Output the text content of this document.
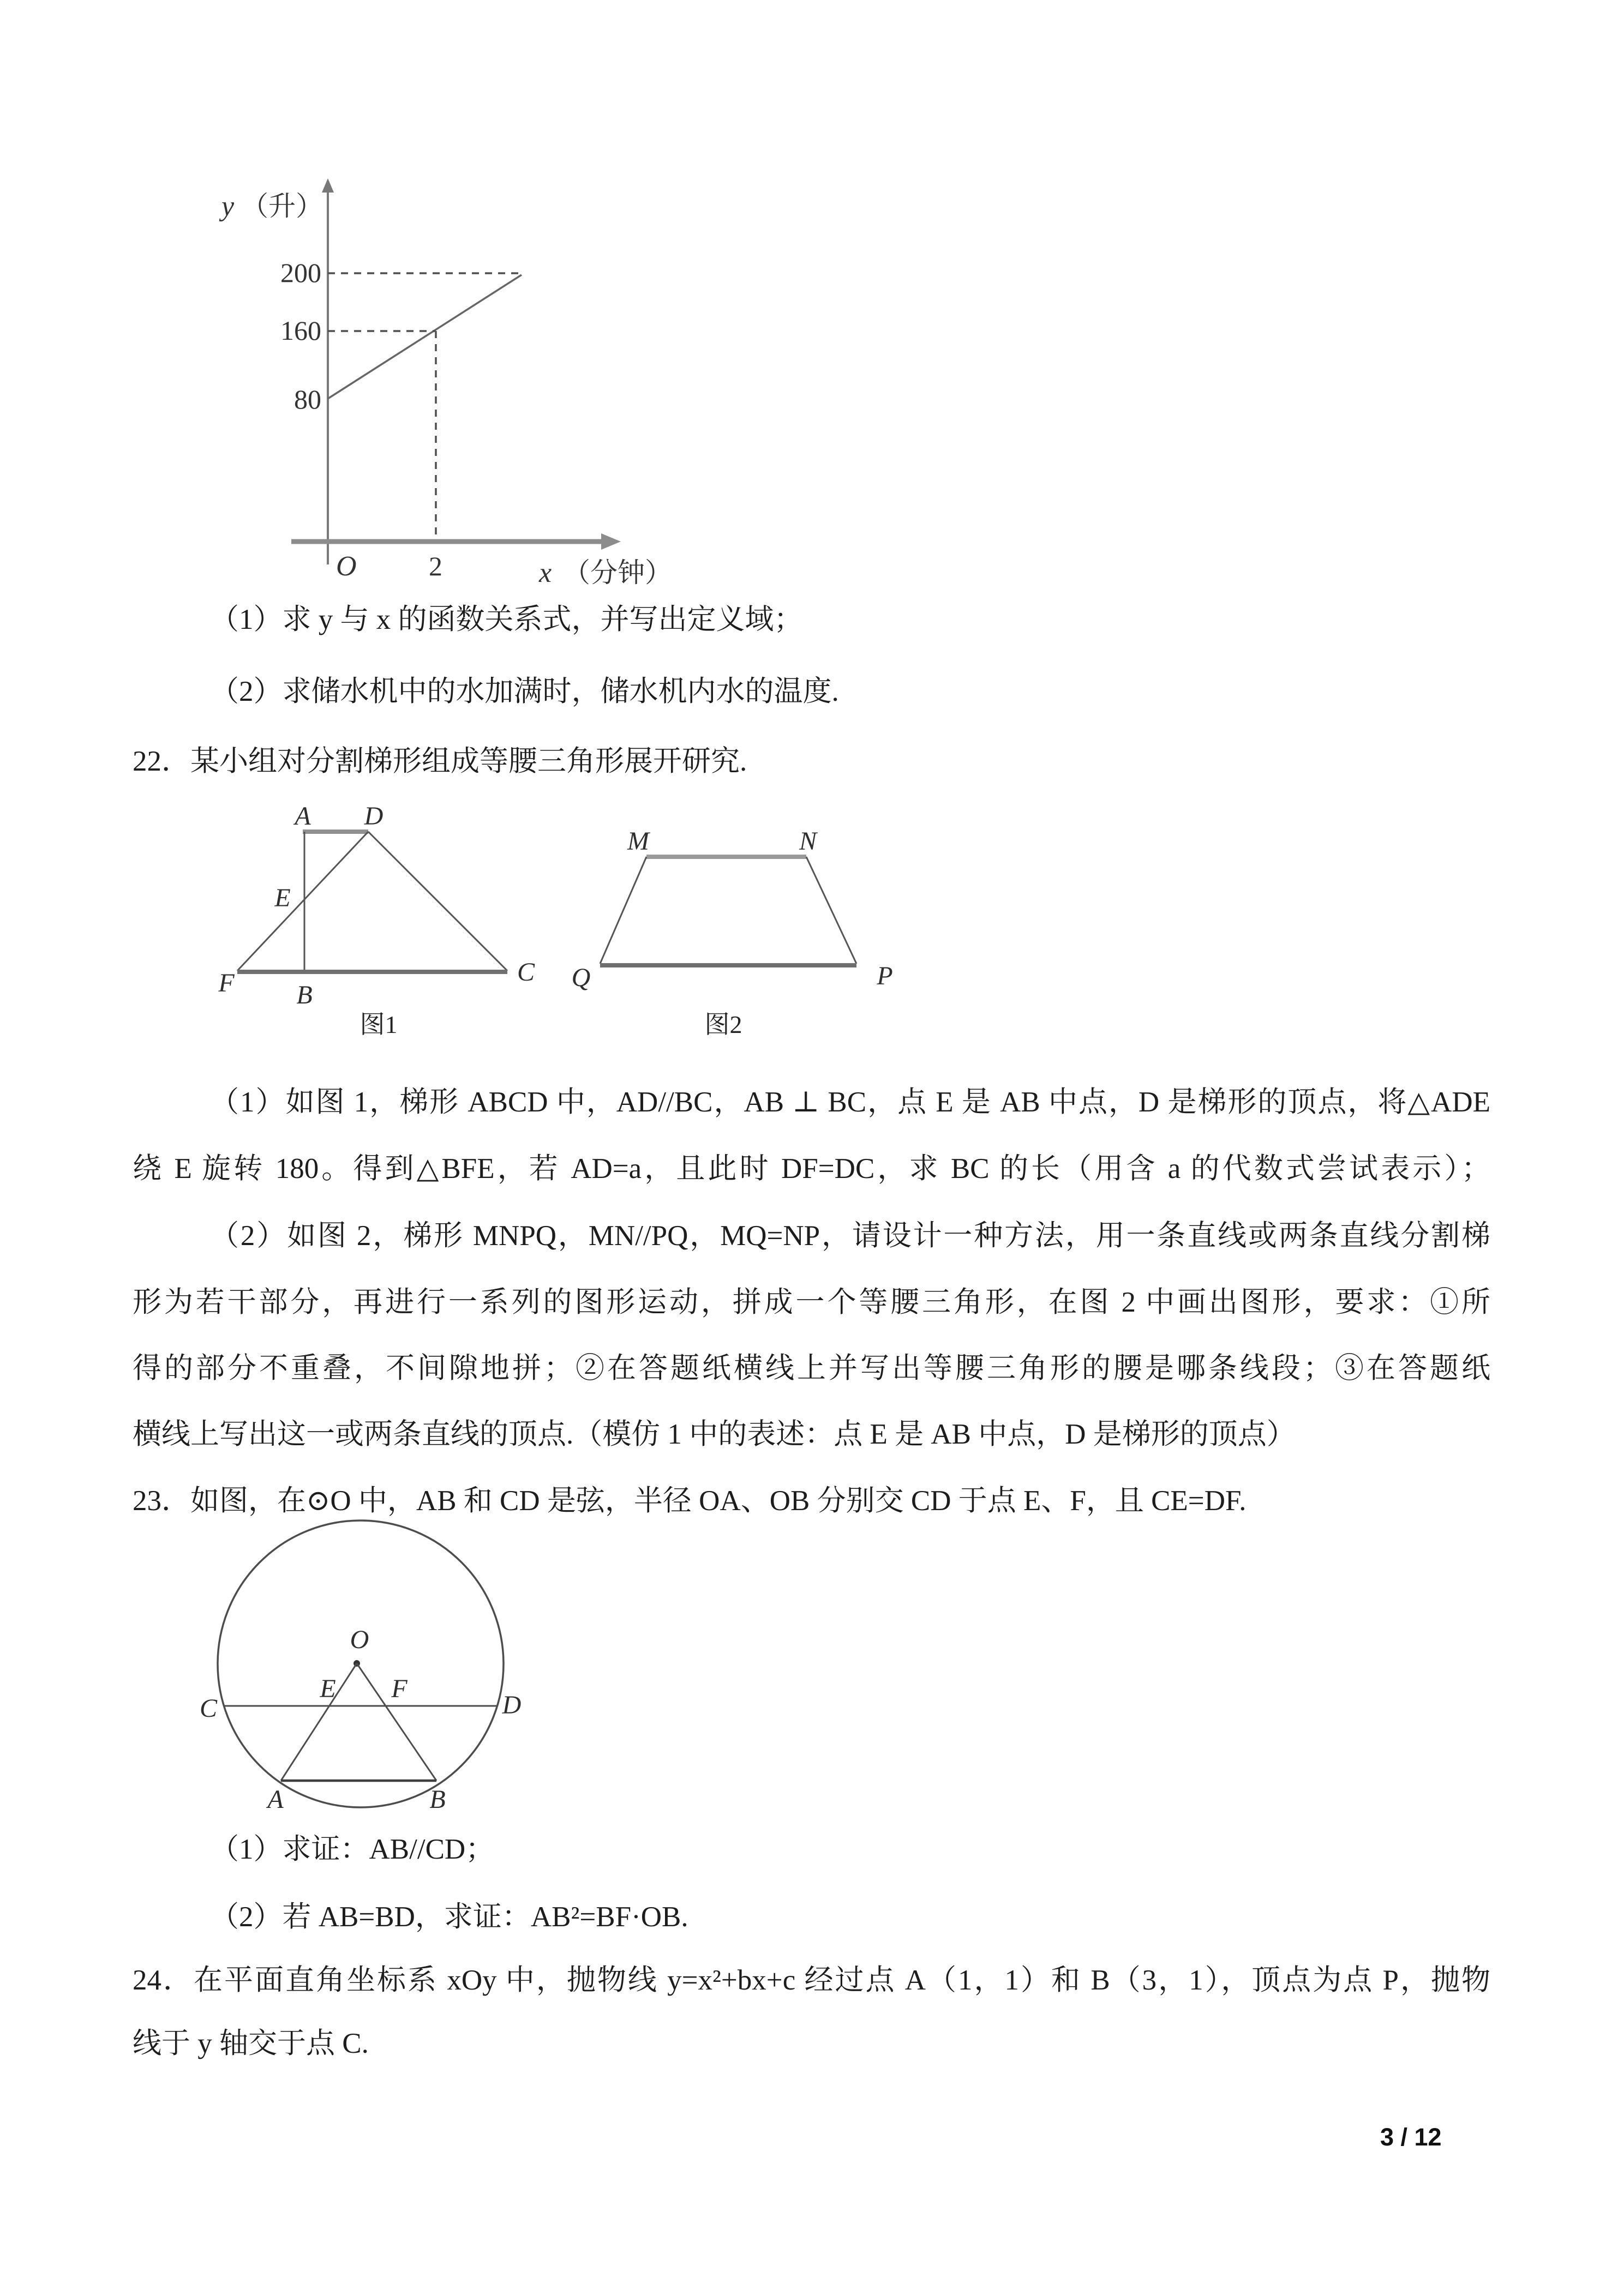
200
160
80
O	2
y （升）
x （分钟）
（1）求 y 与 x 的函数关系式，并写出定义域；
（2）求储水机中的水加满时，储水机内水的温度.
22．某小组对分割梯形组成等腰三角形展开研究.
A D
E
F B
C
图1
M	N
Q	P
图2
（1）如图 1，梯形 ABCD 中，AD//BC，AB ⊥ BC，点 E 是 AB 中点，D 是梯形的顶点，将△ADE
绕 E 旋转 180。得到△BFE，若 AD=a，且此时 DF=DC，求 BC 的长（用含 a 的代数式尝试表示）；
（2）如图 2，梯形 MNPQ，MN//PQ，MQ=NP，请设计一种方法，用一条直线或两条直线分割梯
形为若干部分，再进行一系列的图形运动，拼成一个等腰三角形，在图 2 中画出图形，要求：①所
得的部分不重叠，不间隙地拼；②在答题纸横线上并写出等腰三角形的腰是哪条线段；③在答题纸
横线上写出这一或两条直线的顶点.（模仿 1 中的表述：点 E 是 AB 中点，D 是梯形的顶点）
23．如图，在⊙O 中，AB 和 CD 是弦，半径 OA、OB 分别交 CD 于点 E、F，且 CE=DF.
O
E F
C	D
A	B
（1）求证：AB//CD；
（2）若 AB=BD，求证：AB²=BF·OB.
24．在平面直角坐标系 xOy 中，抛物线 y=x²+bx+c 经过点 A（1，1）和 B（3，1），顶点为点 P，抛物
线于 y 轴交于点 C.
3 / 12
